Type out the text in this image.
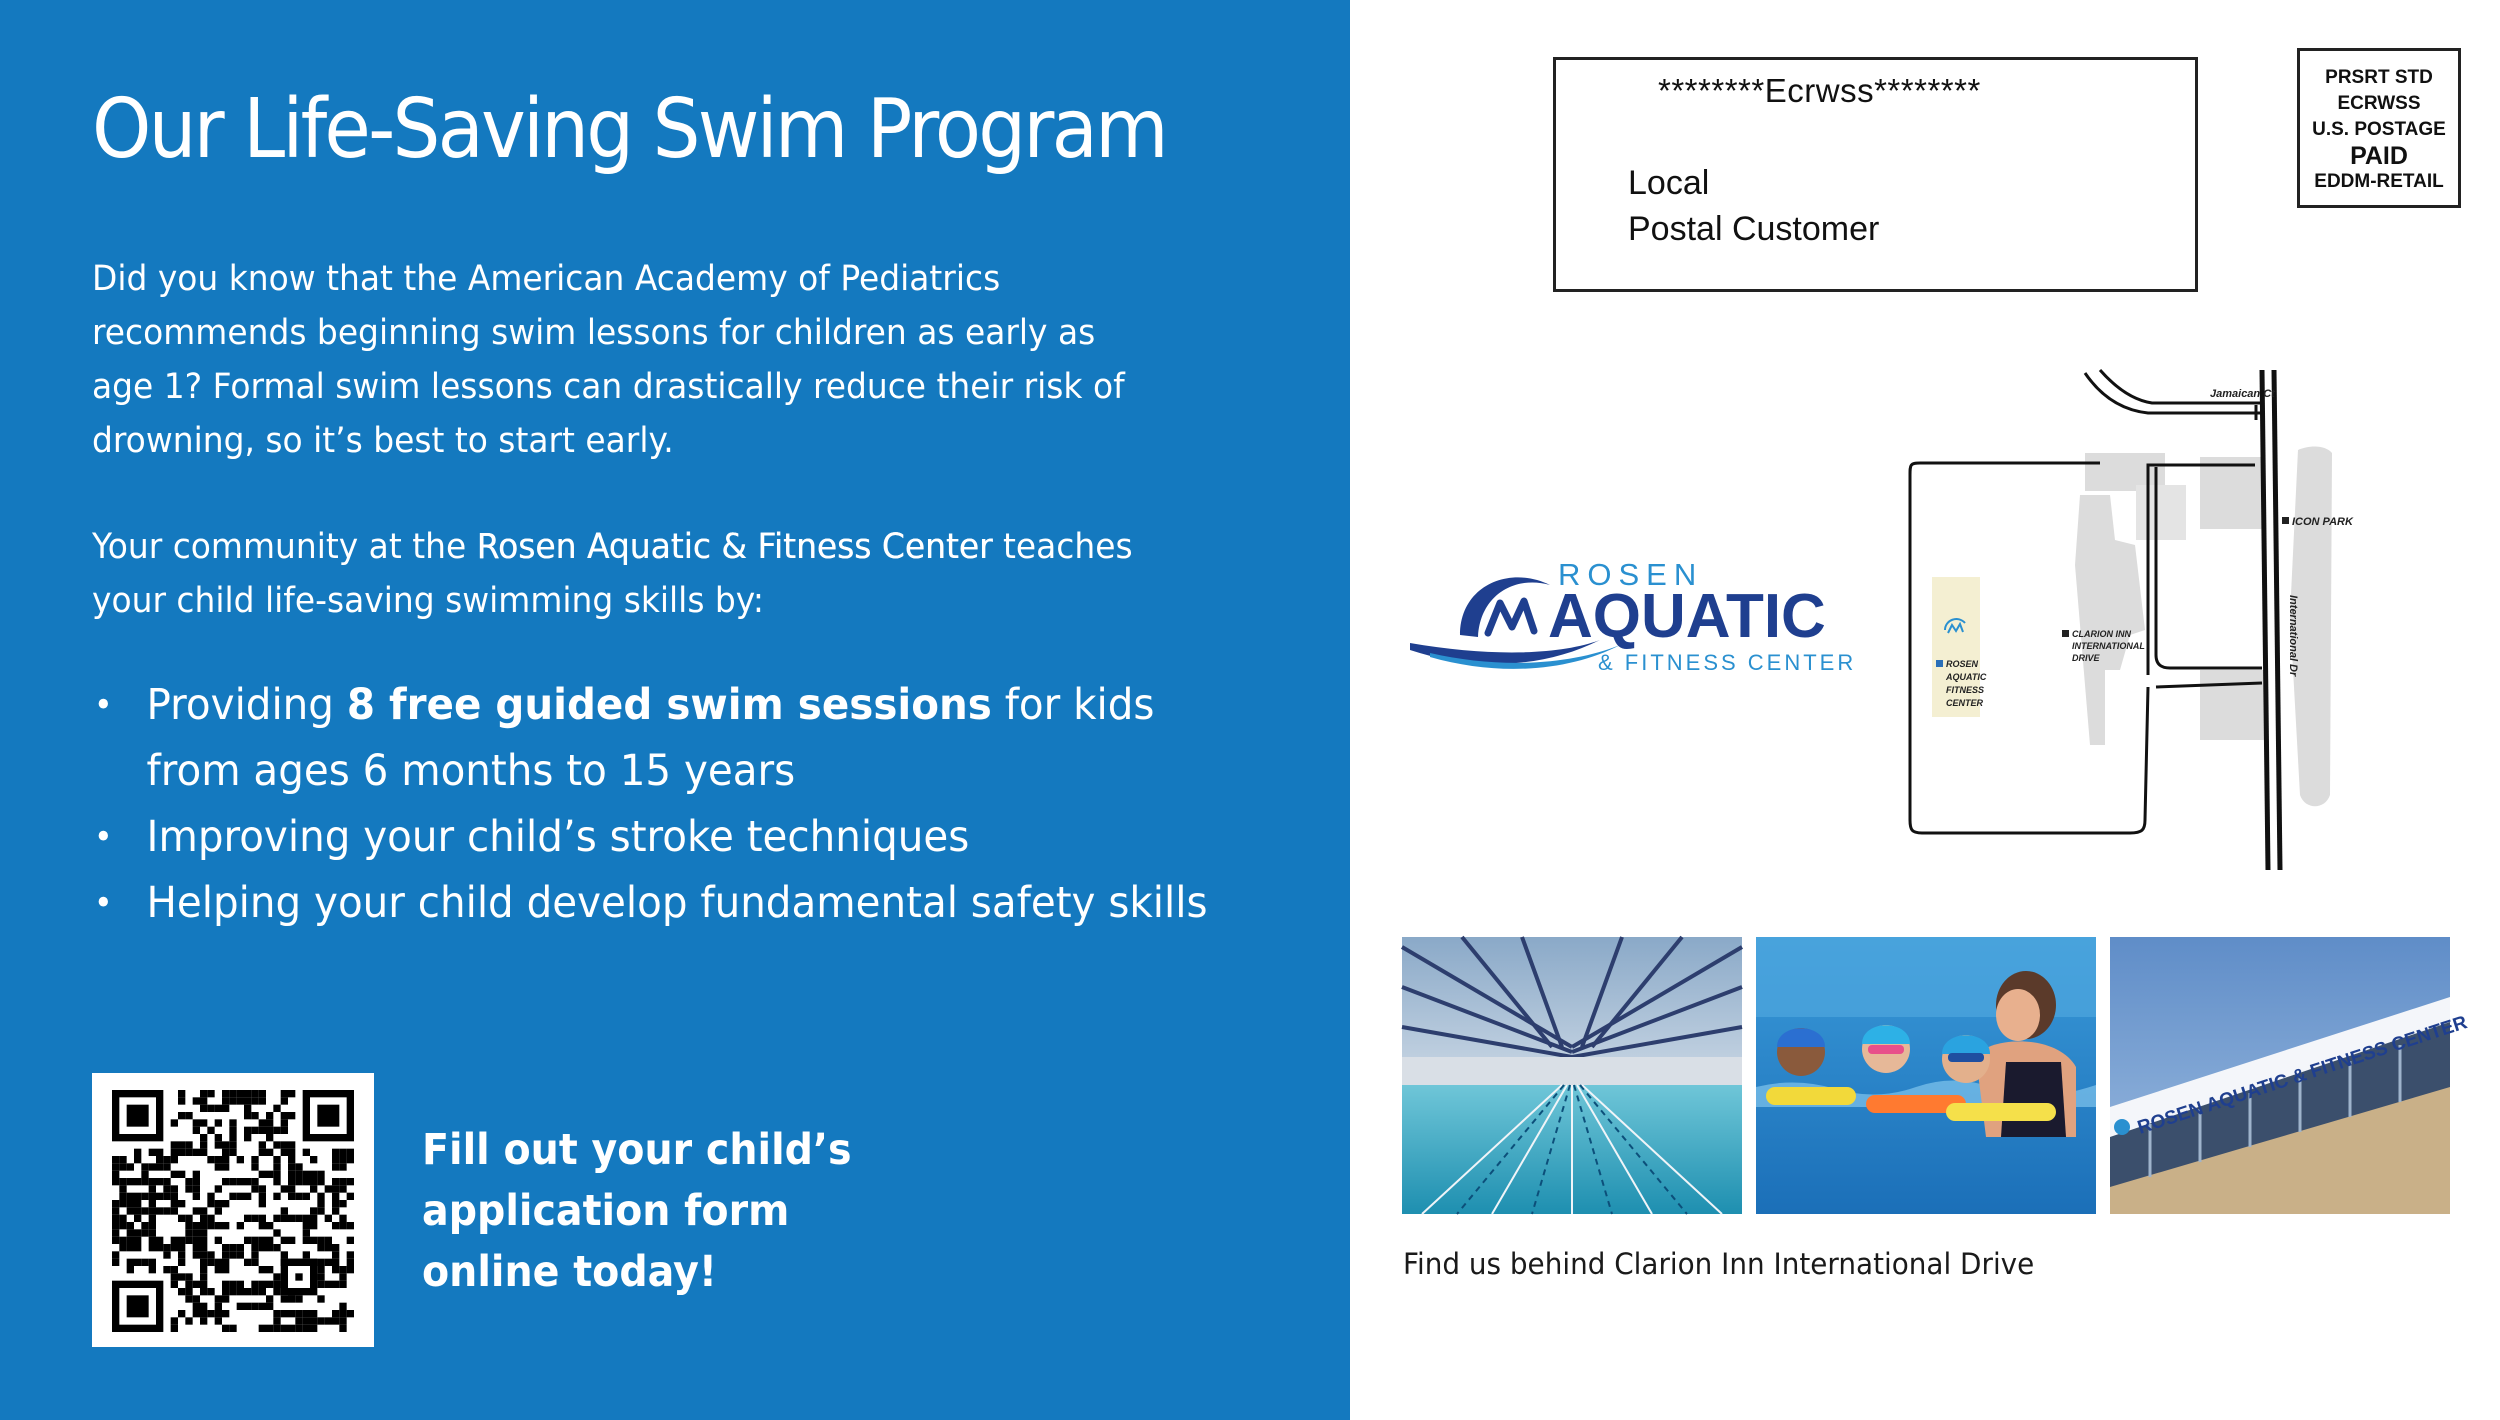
Our Life-Saving Swim Program

Did you know that the American Academy of Pediatrics recommends beginning swim lessons for children as early as age 1? Formal swim lessons can drastically reduce their risk of drowning, so it’s best to start early.

Your community at the Rosen Aquatic & Fitness Center teaches your child life-saving swimming skills by:

• Providing 8 free guided swim sessions for kids from ages 6 months to 15 years
• Improving your child’s stroke techniques
• Helping your child develop fundamental safety skills
Fill out your child’s
application form
online today!
********Ecrwss********
Local
Postal Customer
PRSRT STD
ECRWSS
U.S. POSTAGE
PAID
EDDM-RETAIL
ROSEN
AQUATIC
& FITNESS CENTER
Jamaican Ct
International Dr
ICON PARK
CLARION INN
INTERNATIONAL
DRIVE
ROSEN
AQUATIC
FITNESS
CENTER
ROSEN AQUATIC & FITNESS CENTER
Find us behind Clarion Inn International Drive
